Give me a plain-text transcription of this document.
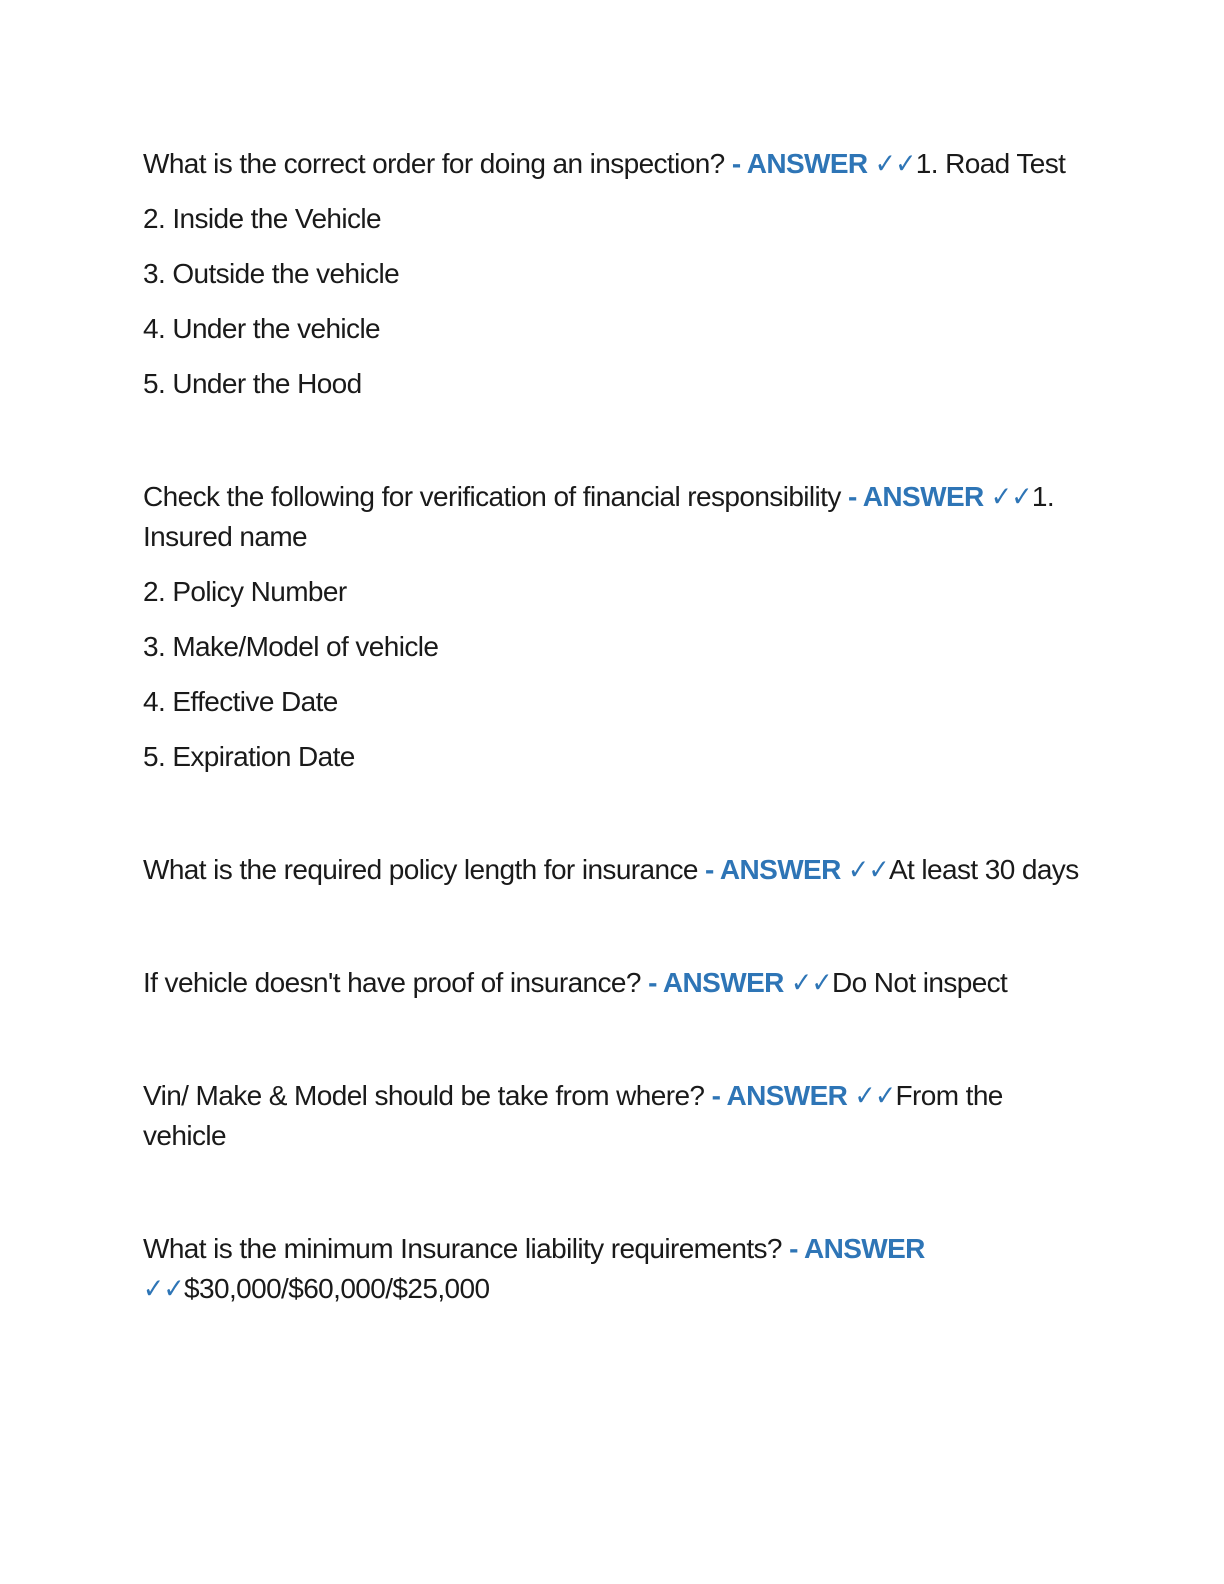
What is the correct order for doing an inspection? - ANSWER ✓✓1. Road Test

2. Inside the Vehicle

3. Outside the vehicle

4. Under the vehicle

5. Under the Hood

Check the following for verification of financial responsibility - ANSWER ✓✓1. Insured name

2. Policy Number

3. Make/Model of vehicle

4. Effective Date

5. Expiration Date

What is the required policy length for insurance - ANSWER ✓✓At least 30 days

If vehicle doesn't have proof of insurance? - ANSWER ✓✓Do Not inspect

Vin/ Make & Model should be take from where? - ANSWER ✓✓From the vehicle

What is the minimum Insurance liability requirements? - ANSWER ✓✓$30,000/$60,000/$25,000
